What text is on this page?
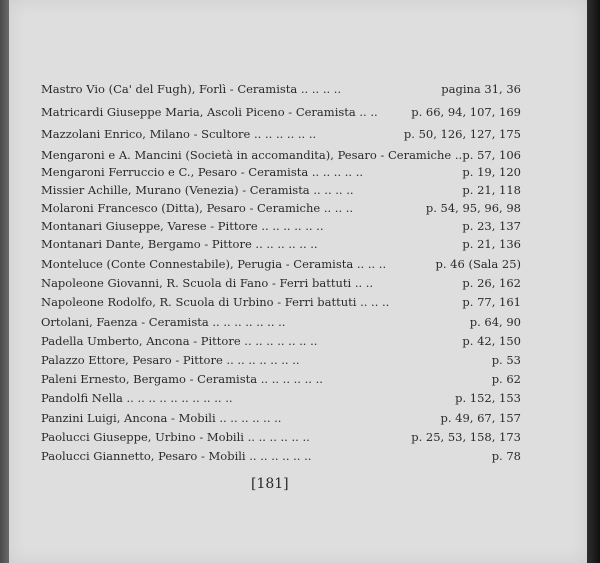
Mastro Vio (Ca' del Fugh), Forlì - Ceramista .. .. .. ..	pagina 31, 36
Matricardi Giuseppe Maria, Ascoli Piceno - Ceramista .. ..	p. 66, 94, 107, 169
Mazzolani Enrico, Milano - Scultore .. .. .. .. .. ..	p. 50, 126, 127, 175
Mengaroni e A. Mancini (Società in accomandita), Pesaro - Ceramiche .. p. 57, 106
Mengaroni Ferruccio e C., Pesaro - Ceramista .. .. .. .. ..	p. 19, 120
Missier Achille, Murano (Venezia) - Ceramista .. .. .. ..	p. 21, 118
Molaroni Francesco (Ditta), Pesaro - Ceramiche .. .. ..	p. 54, 95, 96, 98
Montanari Giuseppe, Varese - Pittore .. .. .. .. .. ..	p. 23, 137
Montanari Dante, Bergamo - Pittore .. .. .. .. .. ..	p. 21, 136
Monteluce (Conte Connestabile), Perugia - Ceramista .. .. ..	p. 46 (Sala 25)
Napoleone Giovanni, R. Scuola di Fano - Ferri battuti .. ..	p. 26, 162
Napoleone Rodolfo, R. Scuola di Urbino - Ferri battuti .. .. ..	p. 77, 161
Ortolani, Faenza - Ceramista .. .. .. .. .. .. ..	p. 64, 90
Padella Umberto, Ancona - Pittore .. .. .. .. .. .. ..	p. 42, 150
Palazzo Ettore, Pesaro - Pittore .. .. .. .. .. .. ..	p. 53
Paleni Ernesto, Bergamo - Ceramista .. .. .. .. .. ..	p. 62
Pandolfi Nella .. .. .. .. .. .. .. .. .. ..	p. 152, 153
Panzini Luigi, Ancona - Mobili .. .. .. .. .. ..	p. 49, 67, 157
Paolucci Giuseppe, Urbino - Mobili .. .. .. .. .. ..	p. 25, 53, 158, 173
Paolucci Giannetto, Pesaro - Mobili .. .. .. .. .. ..	p. 78
[181]
